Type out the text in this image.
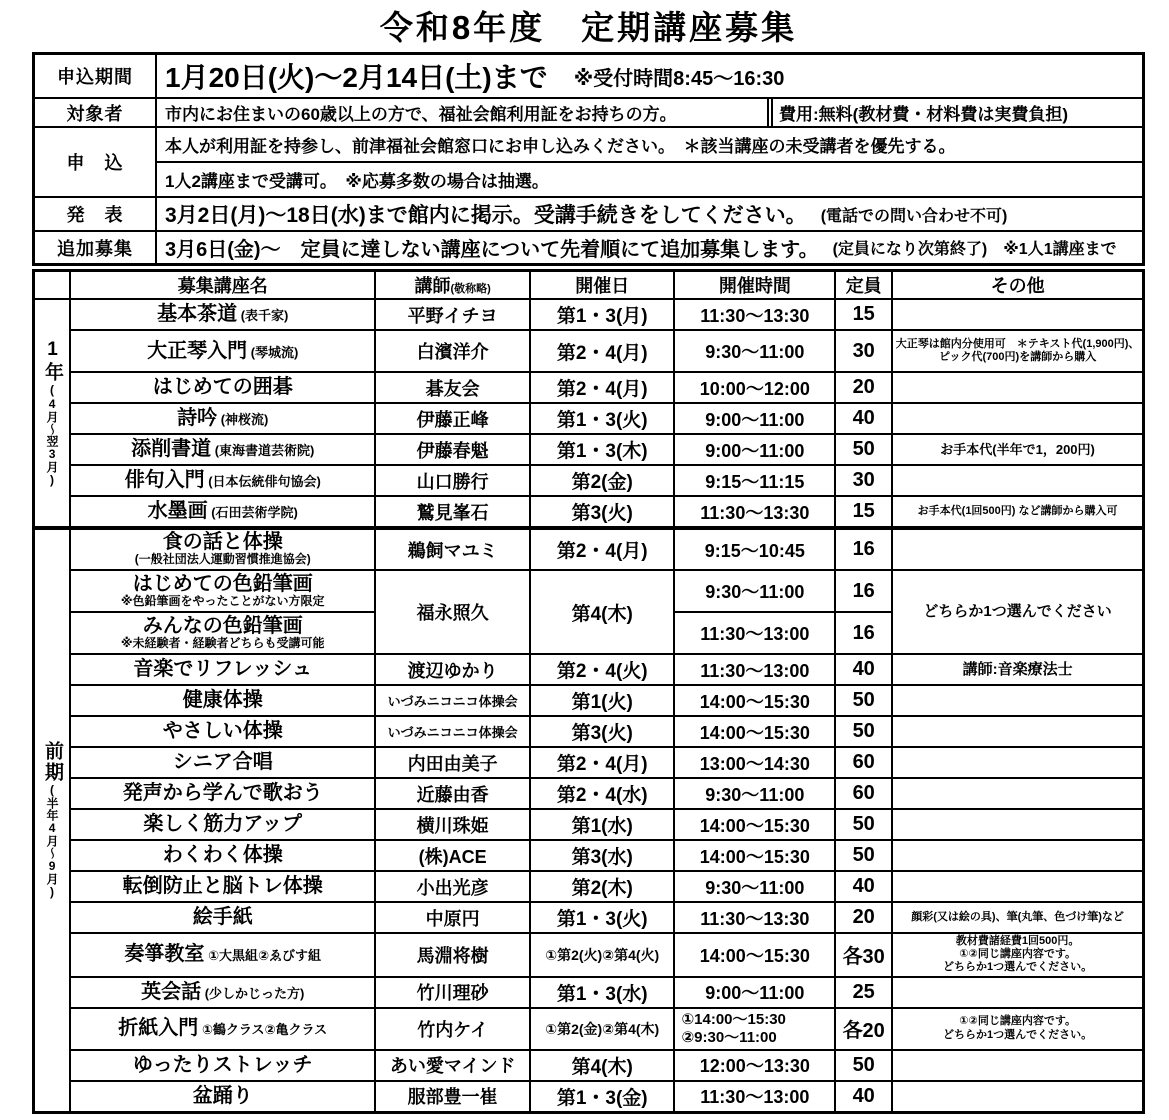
令和8年度　定期講座募集
申込期間	1月20日(火)～2月14日(土)まで ※受付時間8:45～16:30
対象者	市内にお住まいの60歳以上の方で、福祉会館利用証をお持ちの方。	費用:無料(教材費・材料費は実費負担)
申　込
本人が利用証を持参し、前津福祉会館窓口にお申し込みください。　＊該当講座の未受講者を優先する。
1人2講座まで受講可。　※応募多数の場合は抽選。
発　表	3月2日(月)～18日(水)まで館内に掲示。受講手続きをしてください。 (電話での問い合わせ不可)
追加募集	3月6日(金)～　定員に達しない講座について先着順にて追加募集します。 (定員になり次第終了)　※1人1講座まで
	募集講座名	講師(敬称略)	開催日	開催時間	定員	その他

1年(4月～翌3月)	基本茶道 (表千家)	平野イチヨ	第1・3(月)	11:30～13:30	15	
	大正琴入門 (琴城流)	白濱洋介	第2・4(月)	9:30～11:00	30	大正琴は館内分使用可　＊テキスト代(1,900円)、ピック代(700円)を講師から購入
	はじめての囲碁	碁友会	第2・4(月)	10:00～12:00	20	
	詩吟 (神桜流)	伊藤正峰	第1・3(火)	9:00～11:00	40	
	添削書道 (東海書道芸術院)	伊藤春魁	第1・3(木)	9:00～11:00	50	お手本代(半年で1，200円)
	俳句入門 (日本伝統俳句協会)	山口勝行	第2(金)	9:15～11:15	30	
	水墨画 (石田芸術学院)	鷲見峯石	第3(火)	11:30～13:30	15	お手本代(1回500円) など講師から購入可

前期(半年4月～9月)	食の話と体操
(一般社団法人運動習慣推進協会)	鵜飼マユミ	第2・4(月)	9:15～10:45	16	
	はじめての色鉛筆画
※色鉛筆画をやったことがない方限定	福永照久	第4(木)	9:30～11:00	16	どちらか1つ選んでください
	みんなの色鉛筆画
※未経験者・経験者どちらも受講可能			11:30～13:00	16	
	音楽でリフレッシュ	渡辺ゆかり	第2・4(火)	11:30～13:00	40	講師:音楽療法士
	健康体操	いづみニコニコ体操会	第1(火)	14:00～15:30	50	
	やさしい体操	いづみニコニコ体操会	第3(火)	14:00～15:30	50	
	シニア合唱	内田由美子	第2・4(月)	13:00～14:30	60	
	発声から学んで歌おう	近藤由香	第2・4(水)	9:30～11:00	60	
	楽しく筋力アップ	横川珠姫	第1(水)	14:00～15:30	50	
	わくわく体操	(株)ACE	第3(水)	14:00～15:30	50	
	転倒防止と脳トレ体操	小出光彦	第2(木)	9:30～11:00	40	
	絵手紙	中原円	第1・3(火)	11:30～13:30	20	顔彩(又は絵の具)、筆(丸筆、色づけ筆)など
	奏箏教室 ①大黒組②ゑびす組	馬淵将樹	①第2(火)②第4(火)	14:00～15:30	各30	教材費諸経費1回500円。
①②同じ講座内容です。
どちらか1つ選んでください。

	英会話 (少しかじった方)	竹川理砂	第1・3(水)	9:00～11:00	25	
折紙入門 ①鶴クラス②亀クラス	竹内ケイ	①第2(金)②第4(木)	
①14:00～15:30
②9:30～11:00	各20	①②同じ講座内容です。
どちらか1つ選んでください。

	ゆったりストレッチ	あい愛マインド	第4(木)	12:00～13:30	50	
	盆踊り	服部豊一崔	第1・3(金)	11:30～13:00	40	
